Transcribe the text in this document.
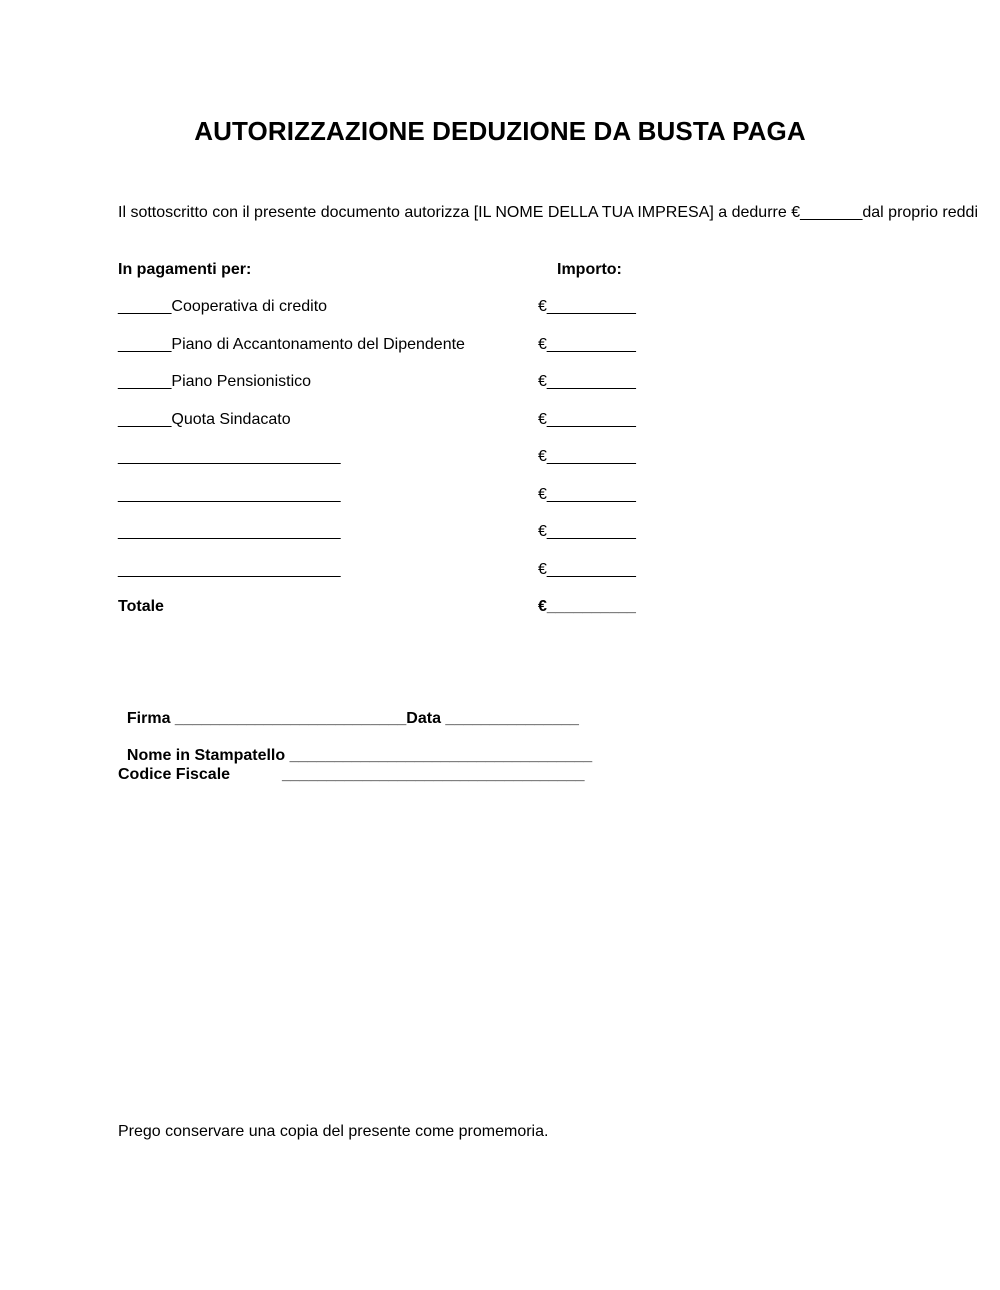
AUTORIZZAZIONE DEDUZIONE DA BUSTA PAGA
Il sottoscritto con il presente documento autorizza [IL NOME DELLA TUA IMPRESA] a dedurre €_______dal proprio reddi
In pagamenti per:	Importo:
______Cooperativa di credito	€__________
______Piano di Accantonamento del Dipendente	€__________
______Piano Pensionistico	€__________
______Quota Sindacato	€__________
_________________________	€__________
_________________________	€__________
_________________________	€__________
_________________________	€__________
Totale	€__________

Firma __________________________Data _______________

Nome in Stampatello __________________________________

Codice Fiscale	__________________________________
Prego conservare una copia del presente come promemoria.
